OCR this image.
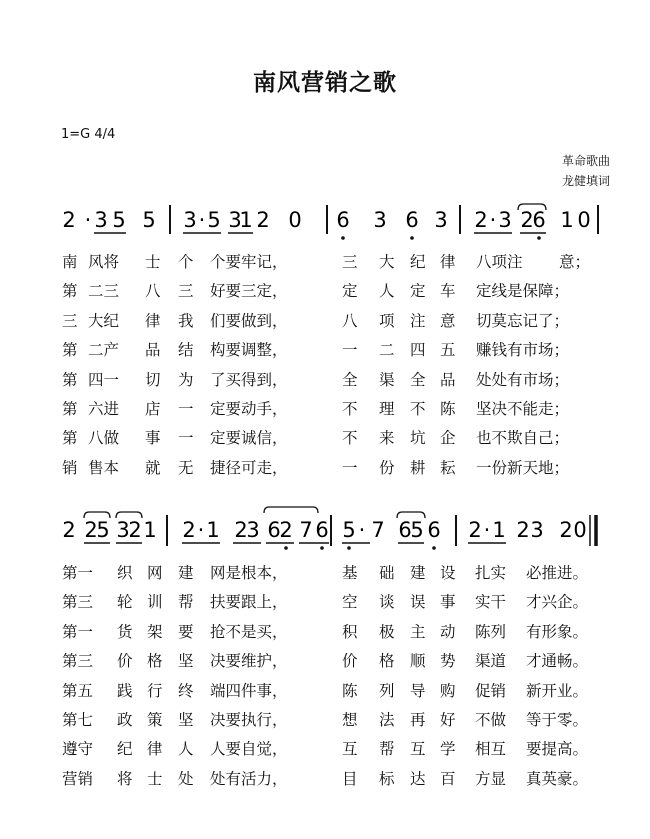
南风营销之歌
1=G 4/4
革命歌曲
龙健填词
2 · 3 5 5 3 · 5 3
1 2 0 6 3 6 3 2 · 3 2
6 1 0
2 2
5 3
2 1 2 · 1 2
3 6
2 7 6 5 · 7 6
5 6 2 · 1 2 3 2 0
南 风将 士 个 个要牢记，	三 大 纪 律 八项注 意；
第 二三 八 三 好要三定，	定 人 定 车 定线是保障；
三 大纪 律 我 们要做到，	八 项 注 意 切莫忘记了；
第 二产 品 结 构要调整，	一 二 四 五 赚钱有市场；
第 四一 切 为 了买得到，	全 渠 全 品 处处有市场；
第 六进 店 一 定要动手，	不 理 不 陈 坚决不能走；
第 八做 事 一 定要诚信，	不 来 坑 企 也不欺自己；
销 售本 就 无 捷径可走，	一 份 耕 耘 一份新天地；
第一 织 网 建 网是根本，	基 础 建 设 扎实 必推进。
第三 轮 训 帮 扶要跟上，	空 谈 误 事 实干 才兴企。
第一 货 架 要 抢不是买，	积 极 主 动 陈列 有形象。
第三 价 格 坚 决要维护，	价 格 顺 势 渠道 才通畅。
第五 践 行 终 端四件事，	陈 列 导 购 促销 新开业。
第七 政 策 坚 决要执行，	想 法 再 好 不做 等于零。
遵守 纪 律 人 人要自觉，	互 帮 互 学 相互 要提高。
营销 将 士 处 处有活力，	目 标 达 百 方显 真英豪。
